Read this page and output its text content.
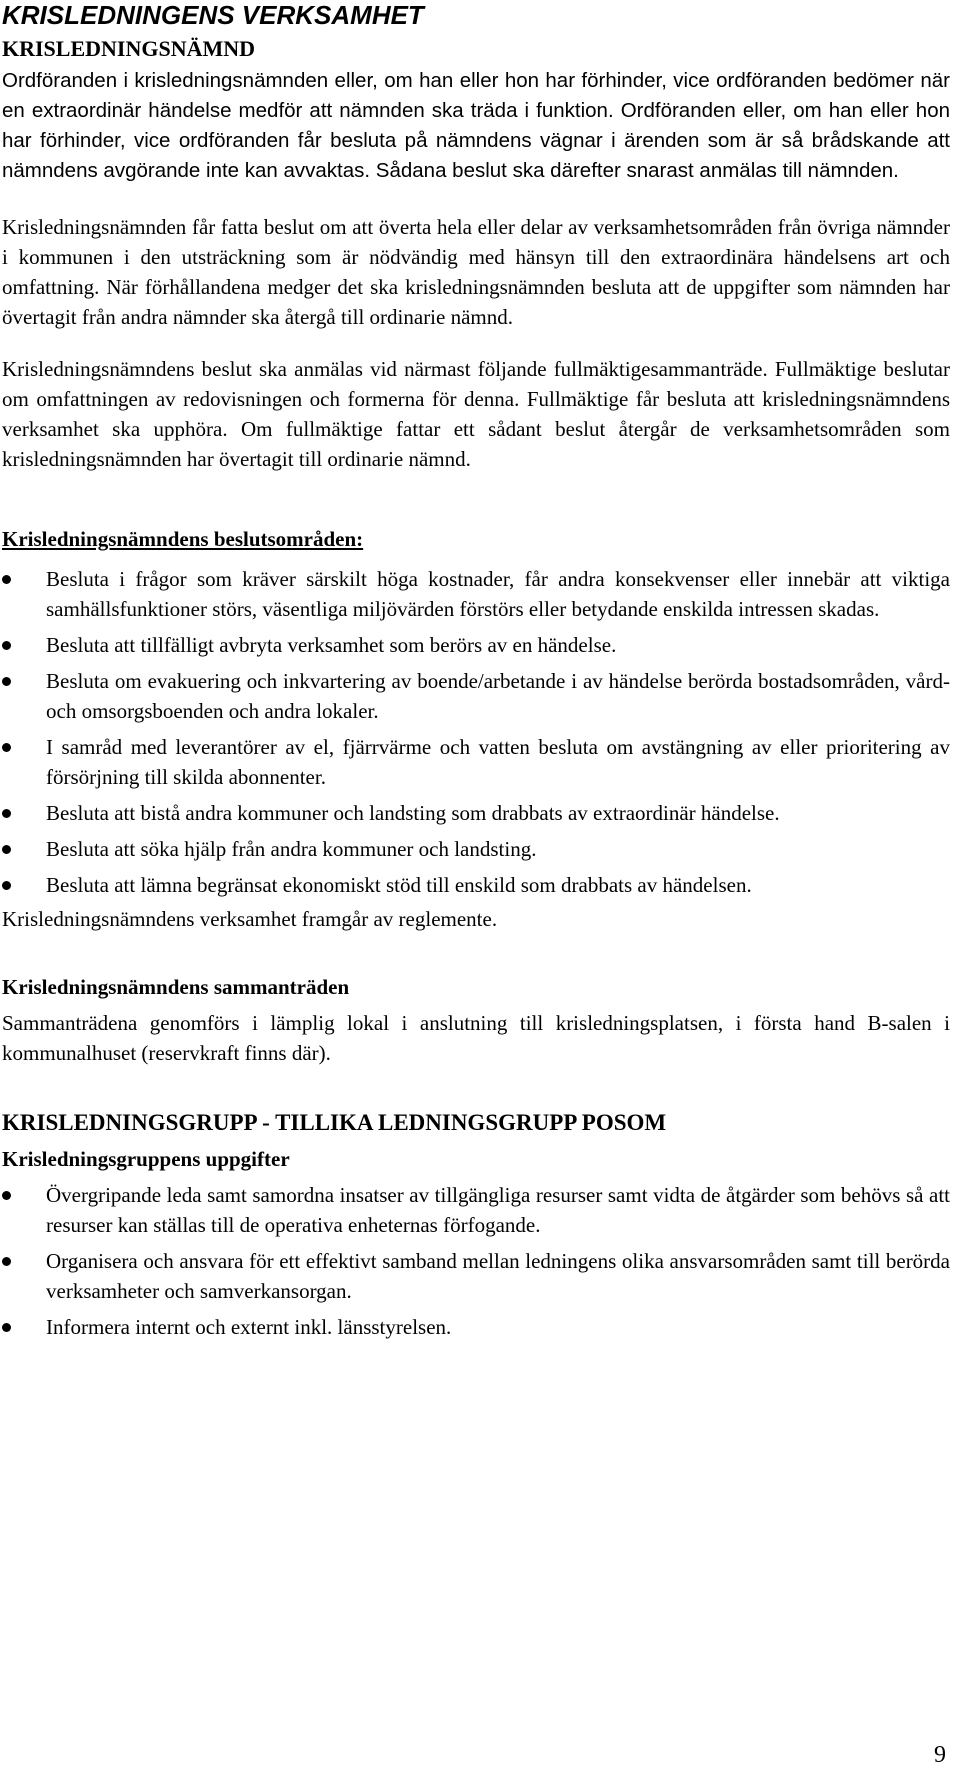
KRISLEDNINGENS VERKSAMHET
KRISLEDNINGSNÄMND

Ordföranden i krisledningsnämnden eller, om han eller hon har förhinder, vice ordföranden bedömer när en extraordinär händelse medför att nämnden ska träda i funktion. Ordföranden eller, om han eller hon har förhinder, vice ordföranden får besluta på nämndens vägnar i ärenden som är så brådskande att nämndens avgörande inte kan avvaktas. Sådana beslut ska därefter snarast anmälas till nämnden.

Krisledningsnämnden får fatta beslut om att överta hela eller delar av verksamhetsområden från övriga nämnder i kommunen i den utsträckning som är nödvändig med hänsyn till den extraordinära händelsens art och omfattning. När förhållandena medger det ska krisledningsnämnden besluta att de uppgifter som nämnden har övertagit från andra nämnder ska återgå till ordinarie nämnd.

Krisledningsnämndens beslut ska anmälas vid närmast följande fullmäktigesammanträde. Fullmäktige beslutar om omfattningen av redovisningen och formerna för denna. Fullmäktige får besluta att krisledningsnämndens verksamhet ska upphöra. Om fullmäktige fattar ett sådant beslut återgår de verksamhetsområden som krisledningsnämnden har övertagit till ordinarie nämnd.

Krisledningsnämndens beslutsområden:
Besluta i frågor som kräver särskilt höga kostnader, får andra konsekvenser eller innebär att viktiga samhällsfunktioner störs, väsentliga miljövärden förstörs eller betydande enskilda intressen skadas.
Besluta att tillfälligt avbryta verksamhet som berörs av en händelse.
Besluta om evakuering och inkvartering av boende/arbetande i av händelse berörda bostadsområden, vård- och omsorgsboenden och andra lokaler.
I samråd med leverantörer av el, fjärrvärme och vatten besluta om avstängning av eller prioritering av försörjning till skilda abonnenter.
Besluta att bistå andra kommuner och landsting som drabbats av extraordinär händelse.
Besluta att söka hjälp från andra kommuner och landsting.
Besluta att lämna begränsat ekonomiskt stöd till enskild som drabbats av händelsen.

Krisledningsnämndens verksamhet framgår av reglemente.

Krisledningsnämndens sammanträden

Sammanträdena genomförs i lämplig lokal i anslutning till krisledningsplatsen, i första hand B-salen i kommunalhuset (reservkraft finns där).

KRISLEDNINGSGRUPP - TILLIKA LEDNINGSGRUPP POSOM
Krisledningsgruppens uppgifter
Övergripande leda samt samordna insatser av tillgängliga resurser samt vidta de åtgärder som behövs så att resurser kan ställas till de operativa enheternas förfogande.
Organisera och ansvara för ett effektivt samband mellan ledningens olika ansvarsområden samt till berörda verksamheter och samverkansorgan.
Informera internt och externt inkl. länsstyrelsen.
9
